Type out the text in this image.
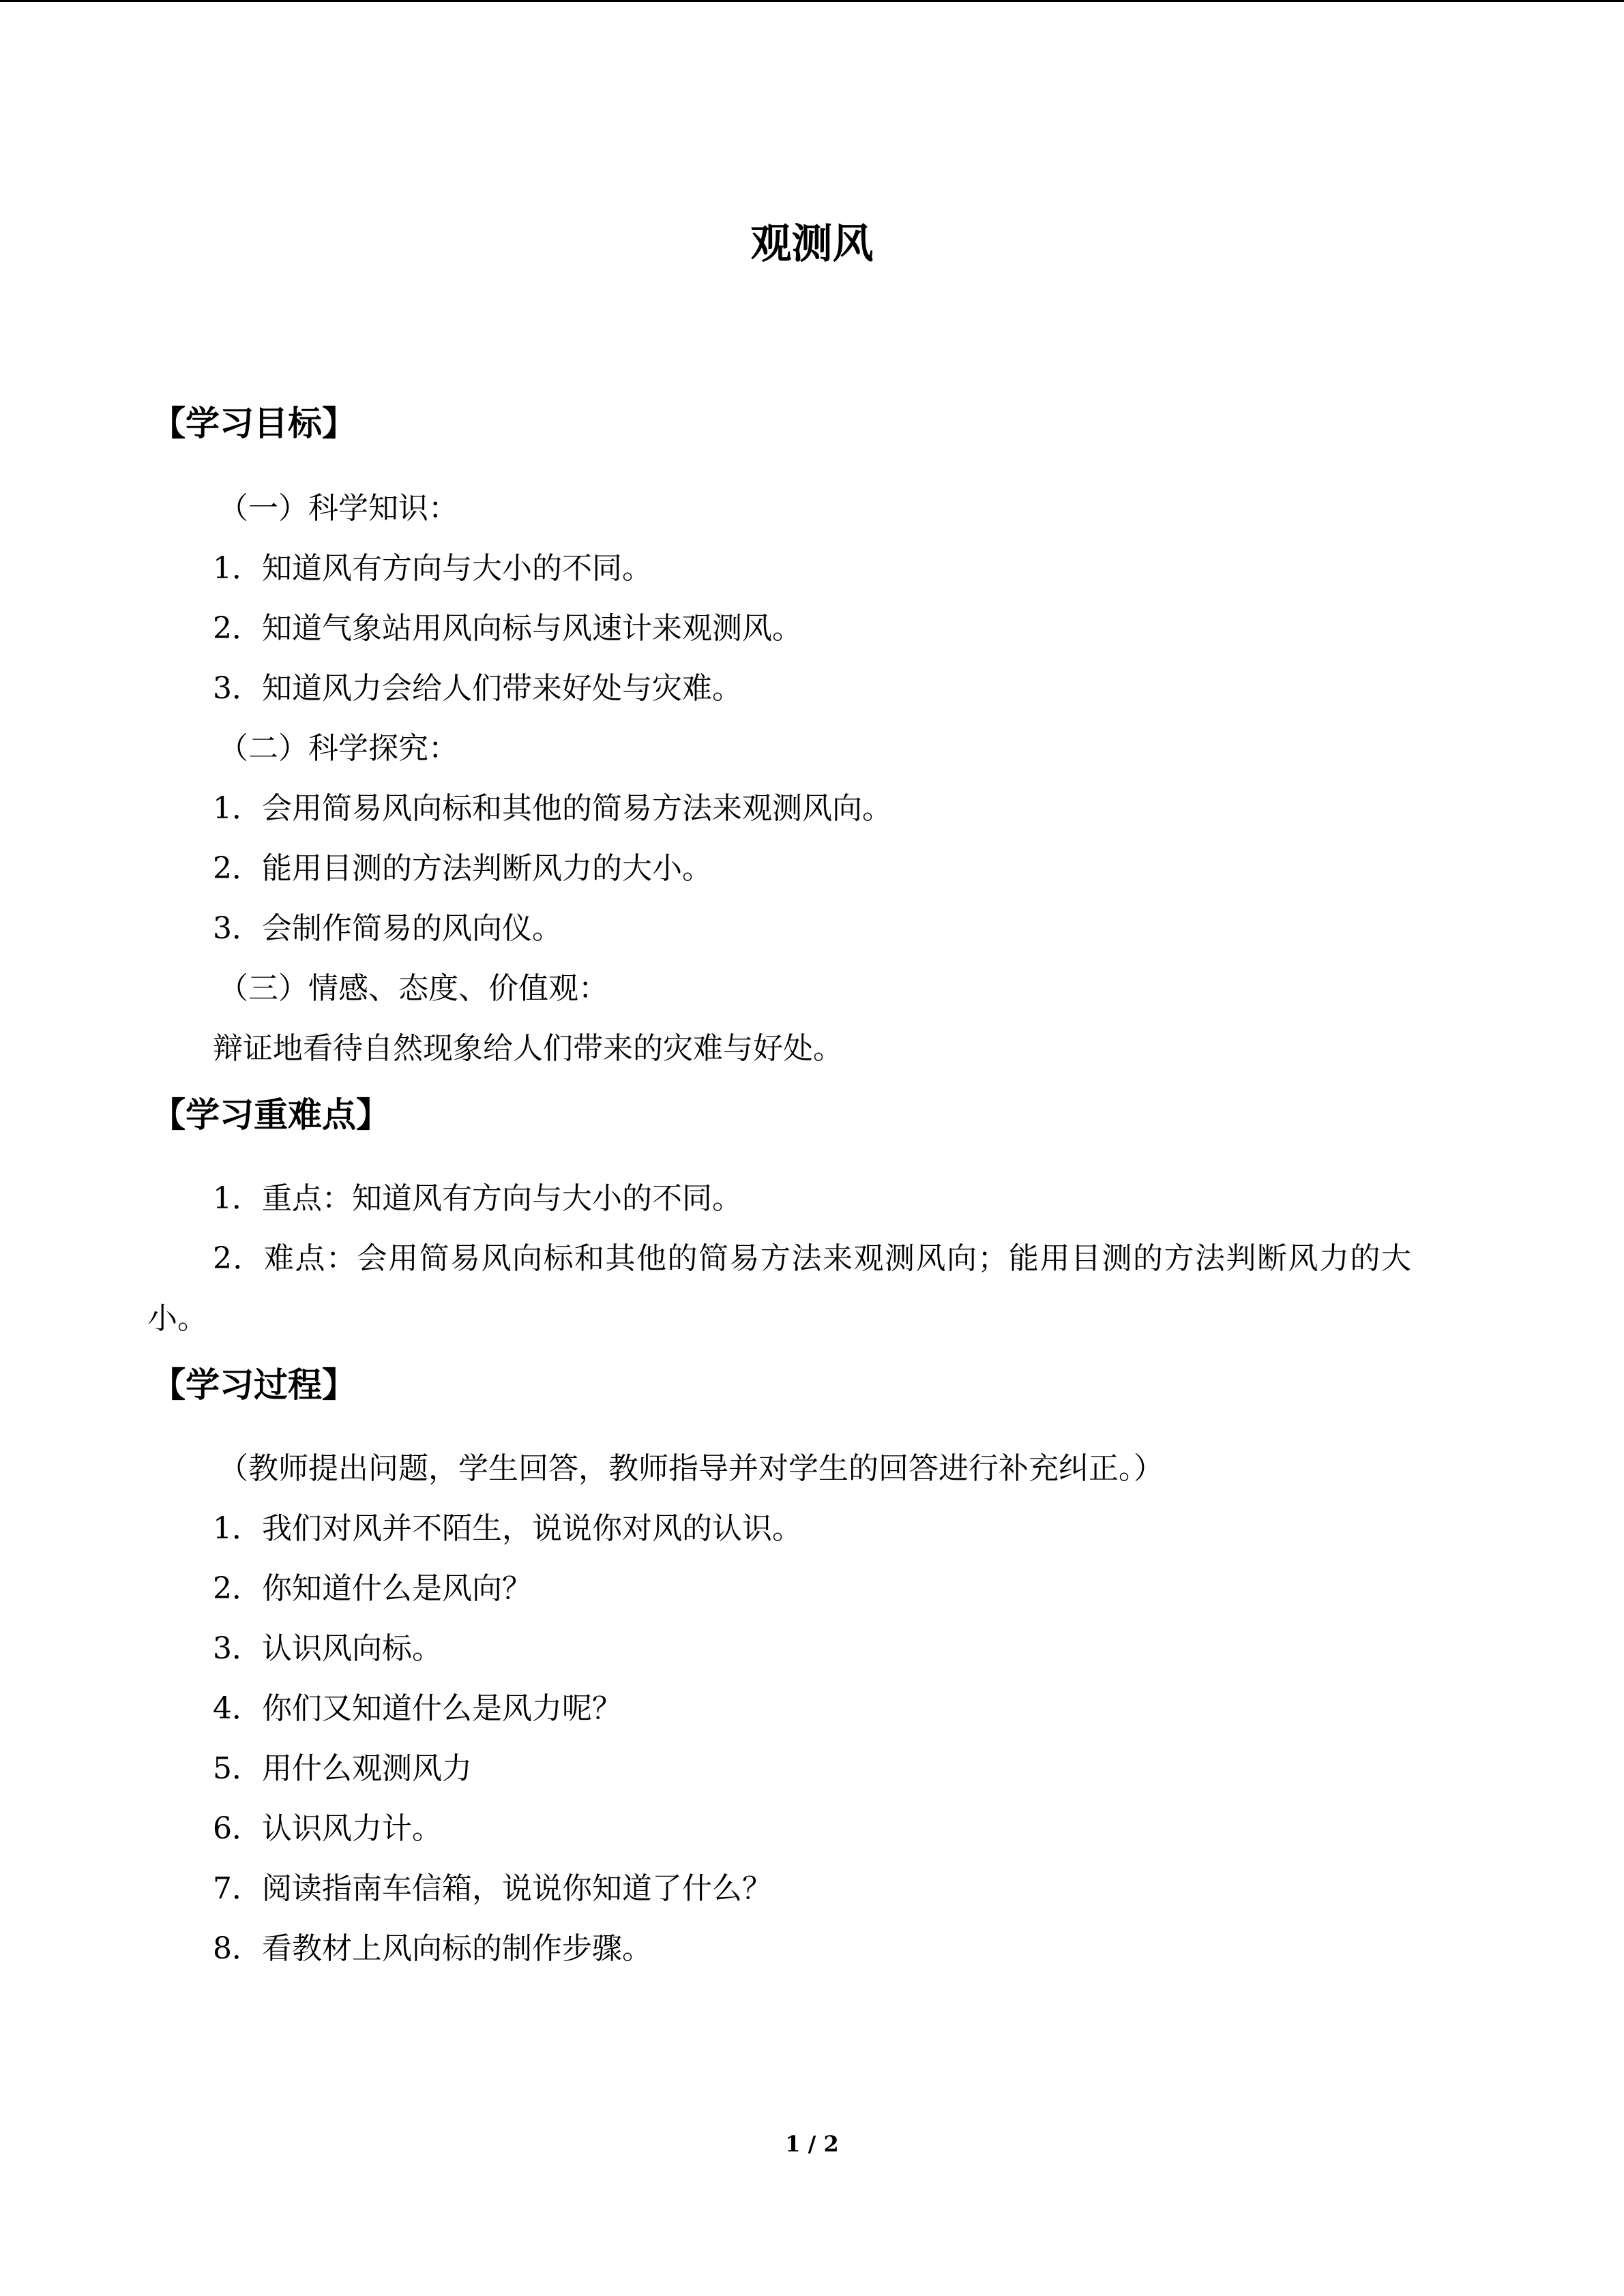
观测风
【学习目标】
（一）科学知识：
1．知道风有方向与大小的不同。
2．知道气象站用风向标与风速计来观测风。
3．知道风力会给人们带来好处与灾难。
（二）科学探究：
1．会用简易风向标和其他的简易方法来观测风向。
2．能用目测的方法判断风力的大小。
3．会制作简易的风向仪。
（三）情感、态度、价值观：
辩证地看待自然现象给人们带来的灾难与好处。
【学习重难点】
1．重点：知道风有方向与大小的不同。
2．难点：会用简易风向标和其他的简易方法来观测风向；能用目测的方法判断风力的大
小。
【学习过程】
（教师提出问题，学生回答，教师指导并对学生的回答进行补充纠正。）
1．我们对风并不陌生，说说你对风的认识。
2．你知道什么是风向？
3．认识风向标。
4．你们又知道什么是风力呢？
5．用什么观测风力
6．认识风力计。
7．阅读指南车信箱，说说你知道了什么？
8．看教材上风向标的制作步骤。
1 / 2
